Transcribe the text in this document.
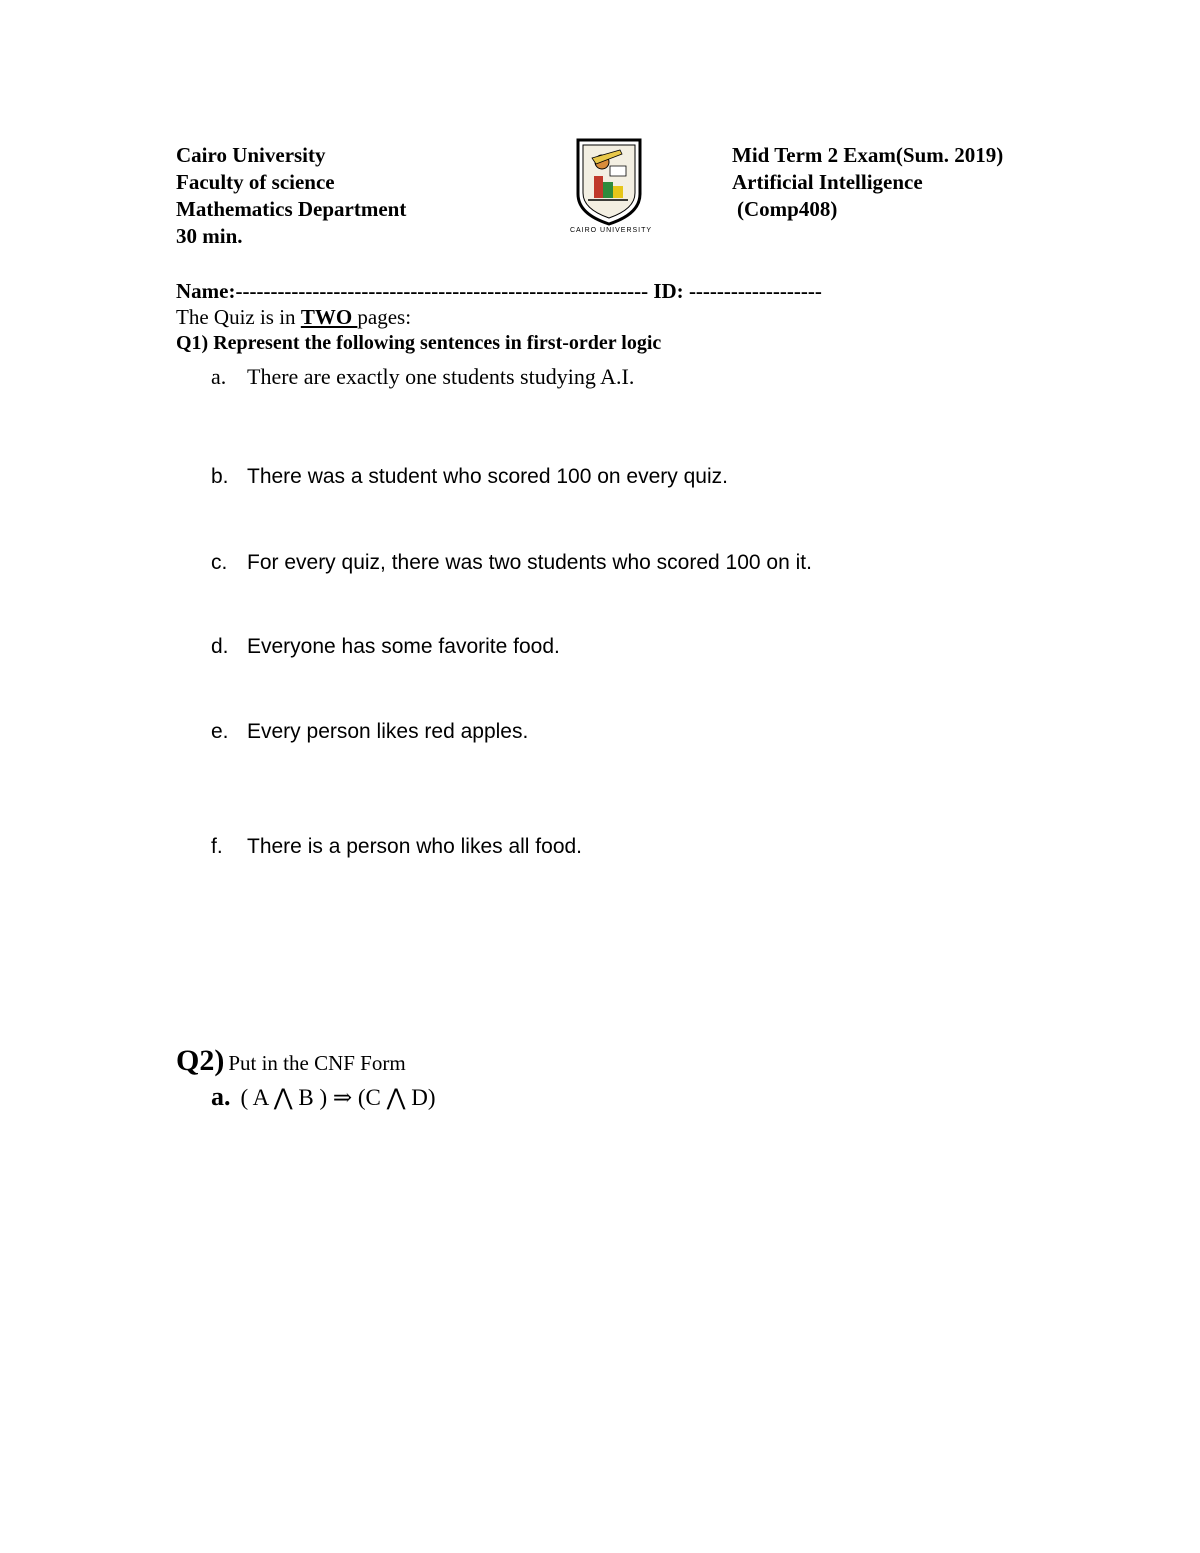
Cairo University
Faculty of science
Mathematics Department
30 min.	CAIRO UNIVERSITY
Mid Term 2 Exam(Sum. 2019)
Artificial Intelligence
(Comp408)
Name:----------------------------------------------------------- ID: -------------------
The Quiz is in TWO pages:
Q1) Represent the following sentences in first-order logic
a. There are exactly one students studying A.I.
b. There was a student who scored 100 on every quiz.
c. For every quiz, there was two students who scored 100 on it.
d. Everyone has some favorite food.
e. Every person likes red apples.
f. There is a person who likes all food.
Q2) Put in the CNF Form
a. ( A ⋀ B ) ⇒ (C ⋀ D)
